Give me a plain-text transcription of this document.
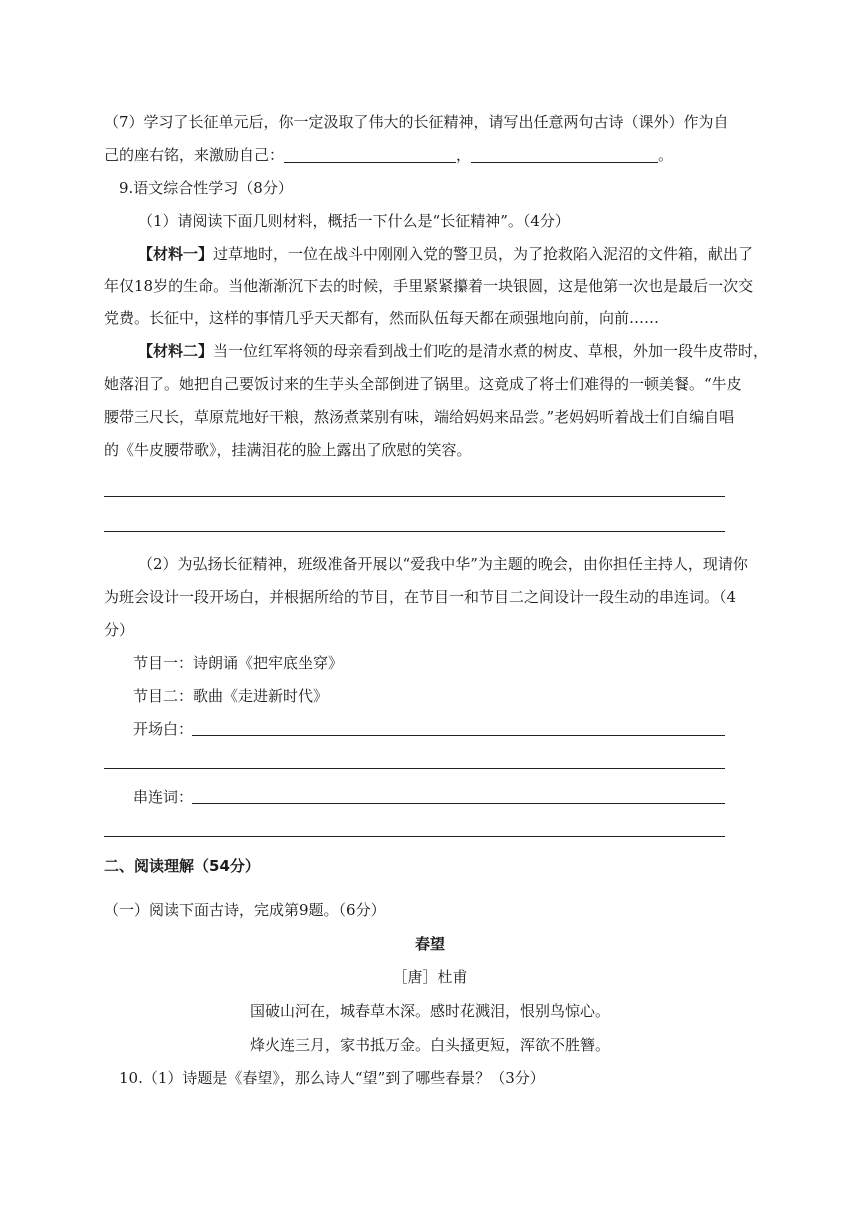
（7）学习了长征单元后，你一定汲取了伟大的长征精神，请写出任意两句古诗（课外）作为自
己的座右铭，来激励自己：	，	。
9.语文综合性学习（8分）
（1）请阅读下面几则材料，概括一下什么是“长征精神”。（4分）
【材料一】过草地时，一位在战斗中刚刚入党的警卫员，为了抢救陷入泥沼的文件箱，献出了
年仅18岁的生命。当他渐渐沉下去的时候，手里紧紧攥着一块银圆，这是他第一次也是最后一次交
党费。长征中，这样的事情几乎天天都有，然而队伍每天都在顽强地向前，向前……
【材料二】当一位红军将领的母亲看到战士们吃的是清水煮的树皮、草根，外加一段牛皮带时，
她落泪了。她把自己要饭讨来的生芋头全部倒进了锅里。这竟成了将士们难得的一顿美餐。“牛皮
腰带三尺长，草原荒地好干粮，熬汤煮菜别有味，端给妈妈来品尝。”老妈妈听着战士们自编自唱
的《牛皮腰带歌》，挂满泪花的脸上露出了欣慰的笑容。
（2）为弘扬长征精神，班级准备开展以“爱我中华”为主题的晚会，由你担任主持人，现请你
为班会设计一段开场白，并根据所给的节目，在节目一和节目二之间设计一段生动的串连词。（4
分）
节目一：诗朗诵《把牢底坐穿》
节目二：歌曲《走进新时代》
开场白：
串连词：
二、阅读理解（54分）
（一）阅读下面古诗，完成第9题。（6分）
春望
［唐］杜甫
国破山河在，城春草木深。感时花溅泪，恨别鸟惊心。
烽火连三月，家书抵万金。白头搔更短，浑欲不胜簪。
10.（1）诗题是《春望》，那么诗人“望”到了哪些春景？（3分）
